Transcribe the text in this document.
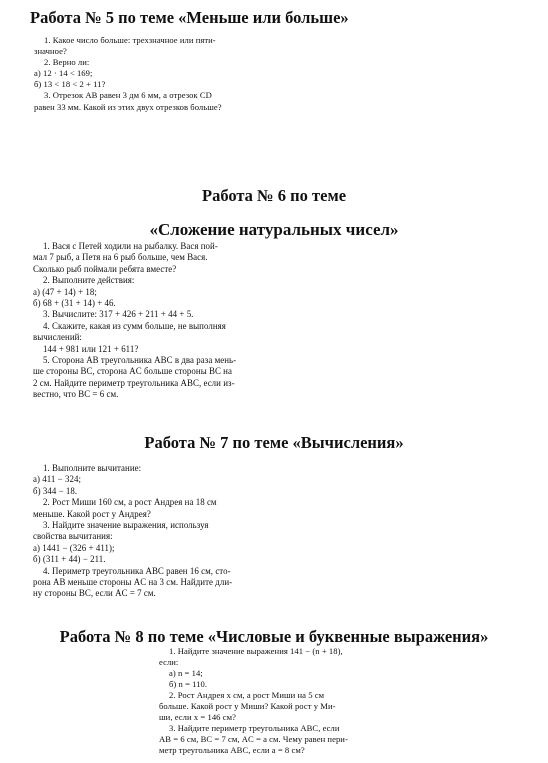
Работа № 5 по теме «Меньше или больше»
1. Какое число больше: трехзначное или пяти-
значное?
2. Верно ли:
а) 12 · 14 < 169;
б) 13 < 18 < 2 + 11?
3. Отрезок AB равен 3 дм 6 мм, а отрезок CD
равен 33 мм. Какой из этих двух отрезков больше?
Работа № 6 по теме
«Сложение натуральных чисел»
1. Вася с Петей ходили на рыбалку. Вася пой-
мал 7 рыб, а Петя на 6 рыб больше, чем Вася.
Сколько рыб поймали ребята вместе?
2. Выполните действия:
а) (47 + 14) + 18;
б) 68 + (31 + 14) + 46.
3. Вычислите: 317 + 426 + 211 + 44 + 5.
4. Скажите, какая из сумм больше, не выполняя
вычислений:
144 + 981 или 121 + 611?
5. Сторона AB треугольника ABC в два раза мень-
ше стороны BC, сторона AC больше стороны BC на
2 см. Найдите периметр треугольника ABC, если из-
вестно, что BC = 6 см.
Работа № 7 по теме «Вычисления»
1. Выполните вычитание:
а) 411 − 324;
б) 344 − 18.
2. Рост Миши 160 см, а рост Андрея на 18 см
меньше. Какой рост у Андрея?
3. Найдите значение выражения, используя
свойства вычитания:
а) 1441 − (326 + 411);
б) (311 + 44) − 211.
4. Периметр треугольника ABC равен 16 см, сто-
рона AB меньше стороны AC на 3 см. Найдите дли-
ну стороны BC, если AC = 7 см.
Работа № 8 по теме «Числовые и буквенные выражения»
1. Найдите значение выражения 141 − (n + 18),
если:
а) n = 14;
б) n = 110.
2. Рост Андрея x см, а рост Миши на 5 см
больше. Какой рост у Миши? Какой рост у Ми-
ши, если x = 146 см?
3. Найдите периметр треугольника ABC, если
AB = 6 см, BC = 7 см, AC = a см. Чему равен пери-
метр треугольника ABC, если a = 8 см?
